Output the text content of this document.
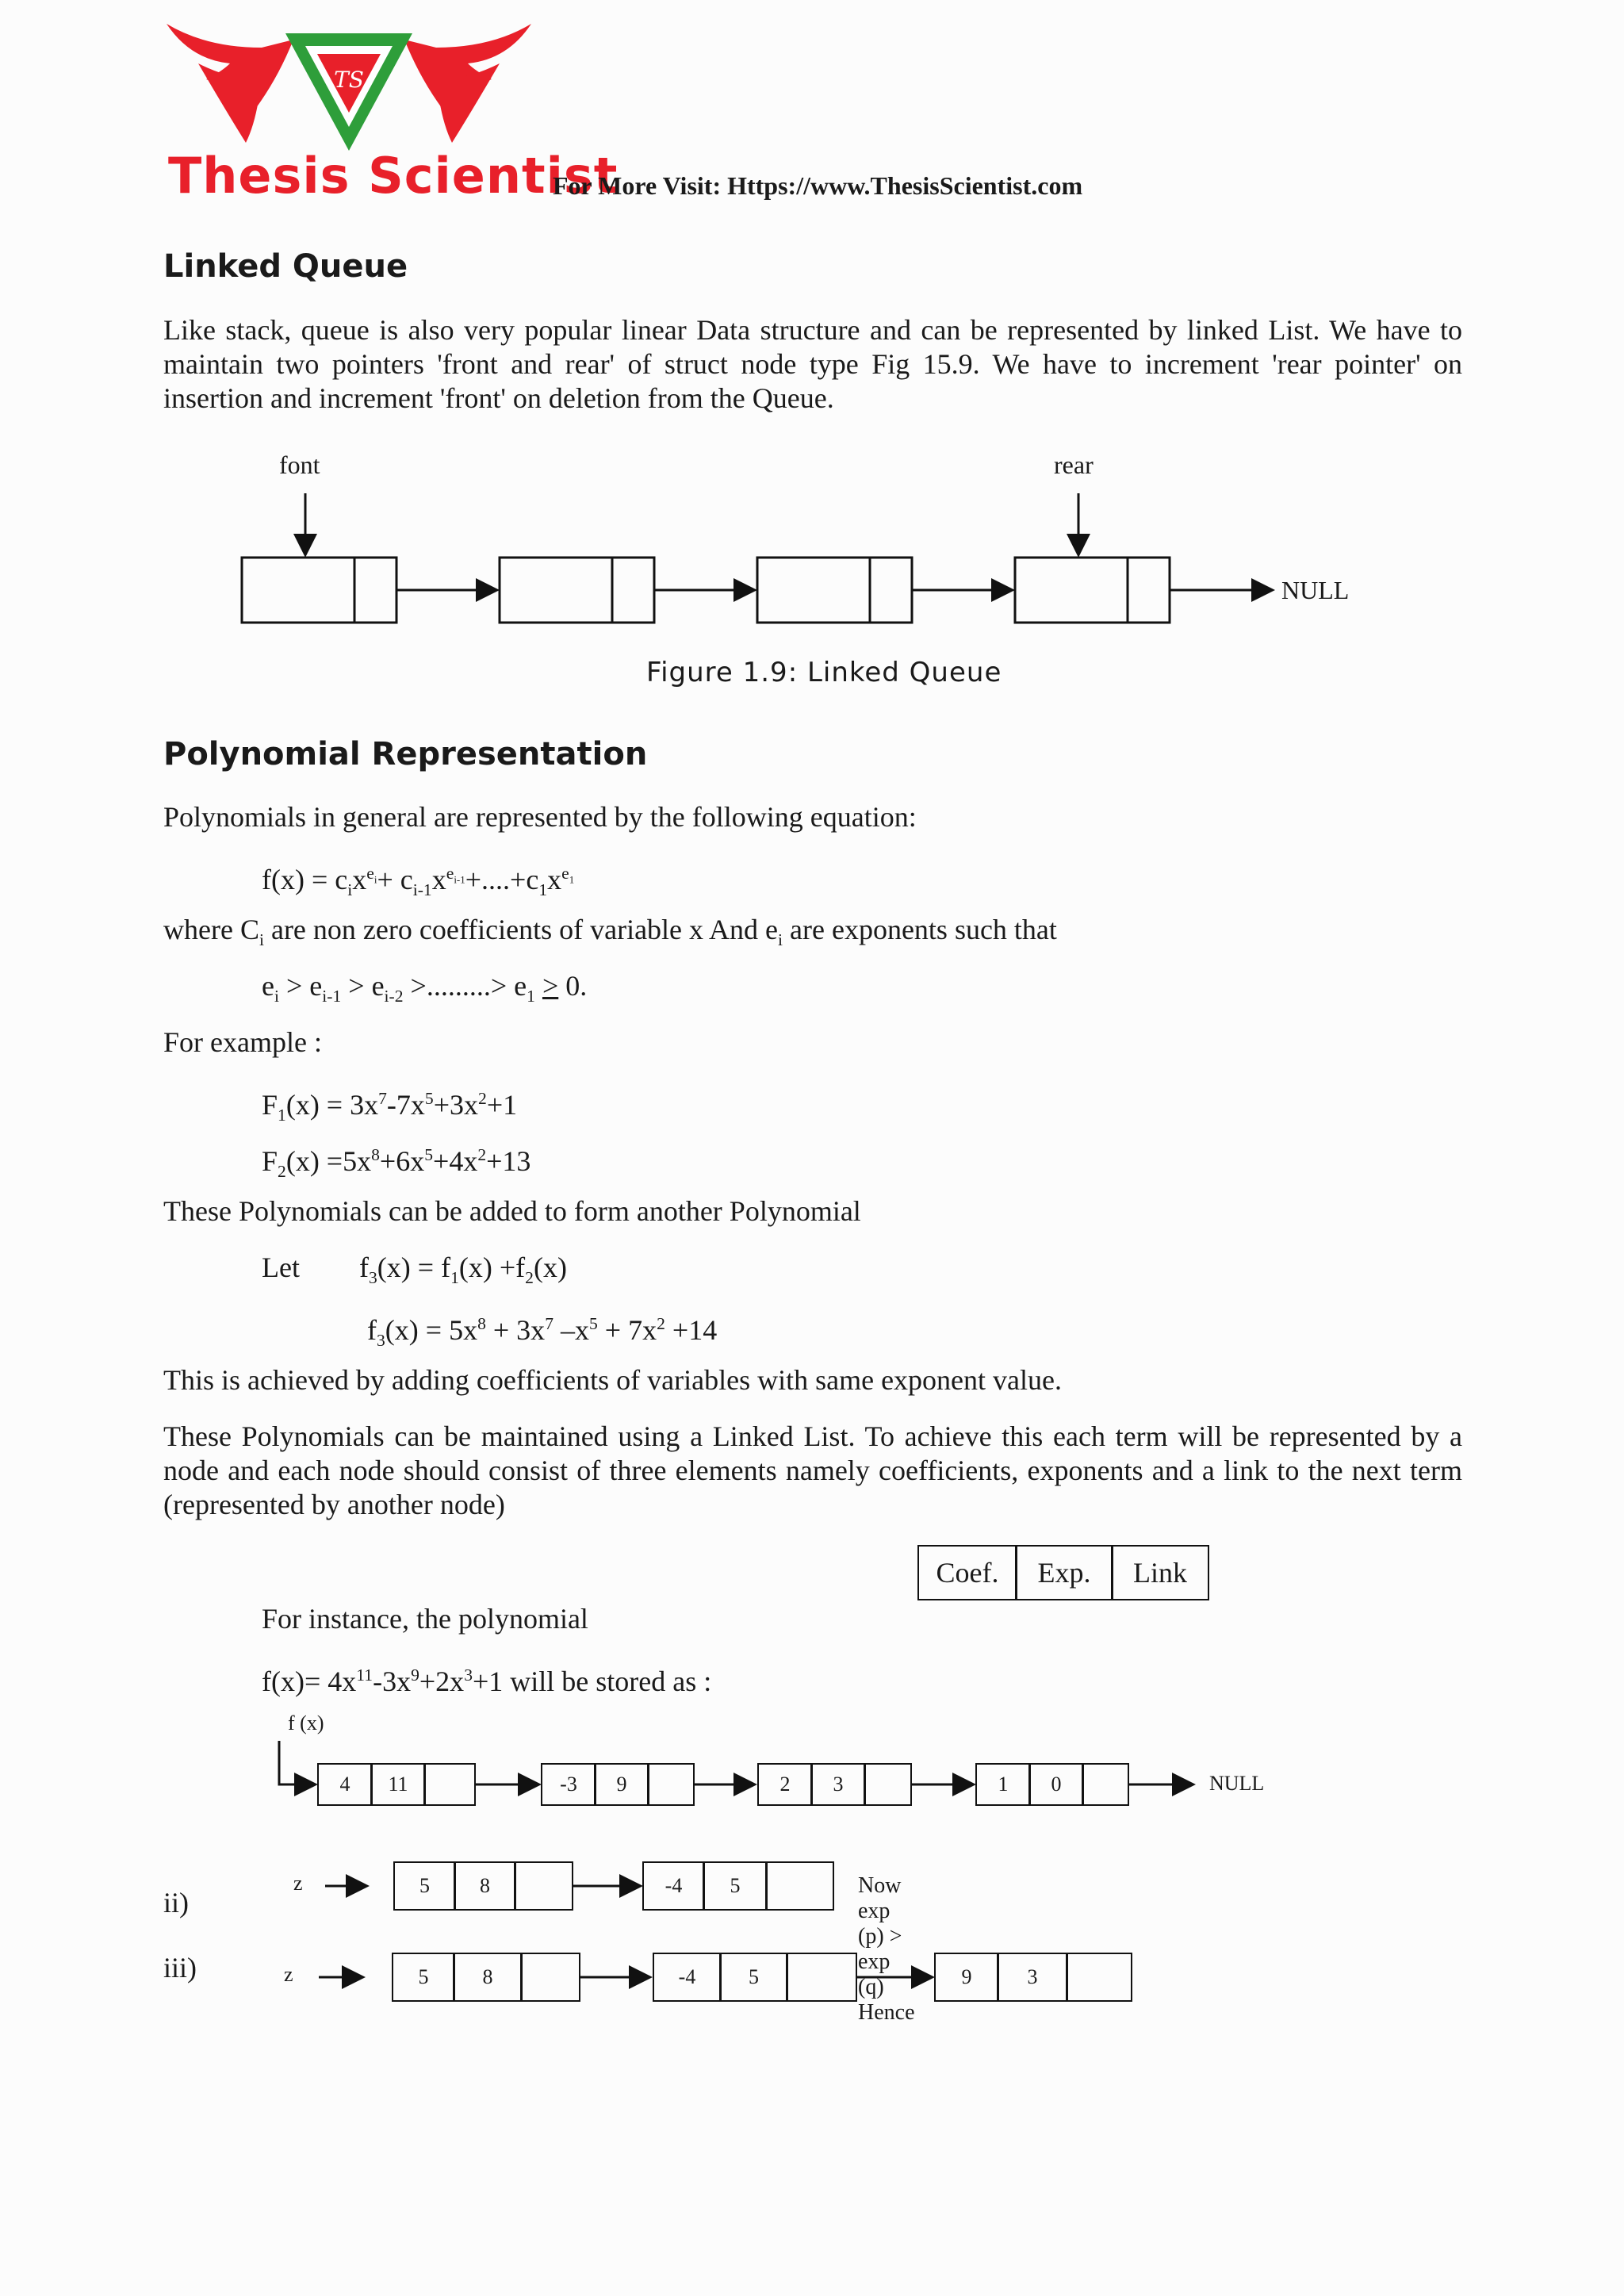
TS
Thesis Scientist
For More Visit: Https://www.ThesisScientist.com
Linked Queue
Like stack, queue is also very popular linear Data structure and can be represented by linked List. We have to maintain two pointers 'front and rear' of struct node type Fig 15.9. We have to increment 'rear pointer' on insertion and increment 'front' on deletion from the Queue.
font	rear
NULL
Figure 1.9: Linked Queue
Polynomial Representation
Polynomials in general are represented by the following equation:
$f(x) = c_ix^{e_i}+ c_{i-1}x^{e_{i-1}}+....+c_1x^{e_1}$
where $C_i$ are non zero coefficients of variable x And $e_i$ are exponents such that
$e_i > e_{i-1} > e_{i-2}$ >.........> $e_1 > 0$.
For example :
$F_1(x) = 3x^7-7x^5+3x^2+1$
$F_2(x) =5x^8+6x^5+4x^2+13$
These Polynomials can be added to form another Polynomial
Let $f_3(x) = f_1(x) +f_2(x)$
$f_3(x) = 5x^8 + 3x^7$ $-x^5 + 7x^2 +14$
This is achieved by adding coefficients of variables with same exponent value.
These Polynomials can be maintained using a Linked List. To achieve this each term will be represented by a node and each node should consist of three elements namely coefficients, exponents and a link to the next term (represented by another node)
Coef.	Exp.	Link
For instance, the polynomial
$f(x)= 4x^{11}-3x^9+2x^3+1$ will be stored as :
f (x)
4	11	-3	9	2	3	1	0	NULL
ii)
z	5	8	-4	5	Now exp (p) > exp (q) Hence
iii)	z	5	8	-4	5	9	3
